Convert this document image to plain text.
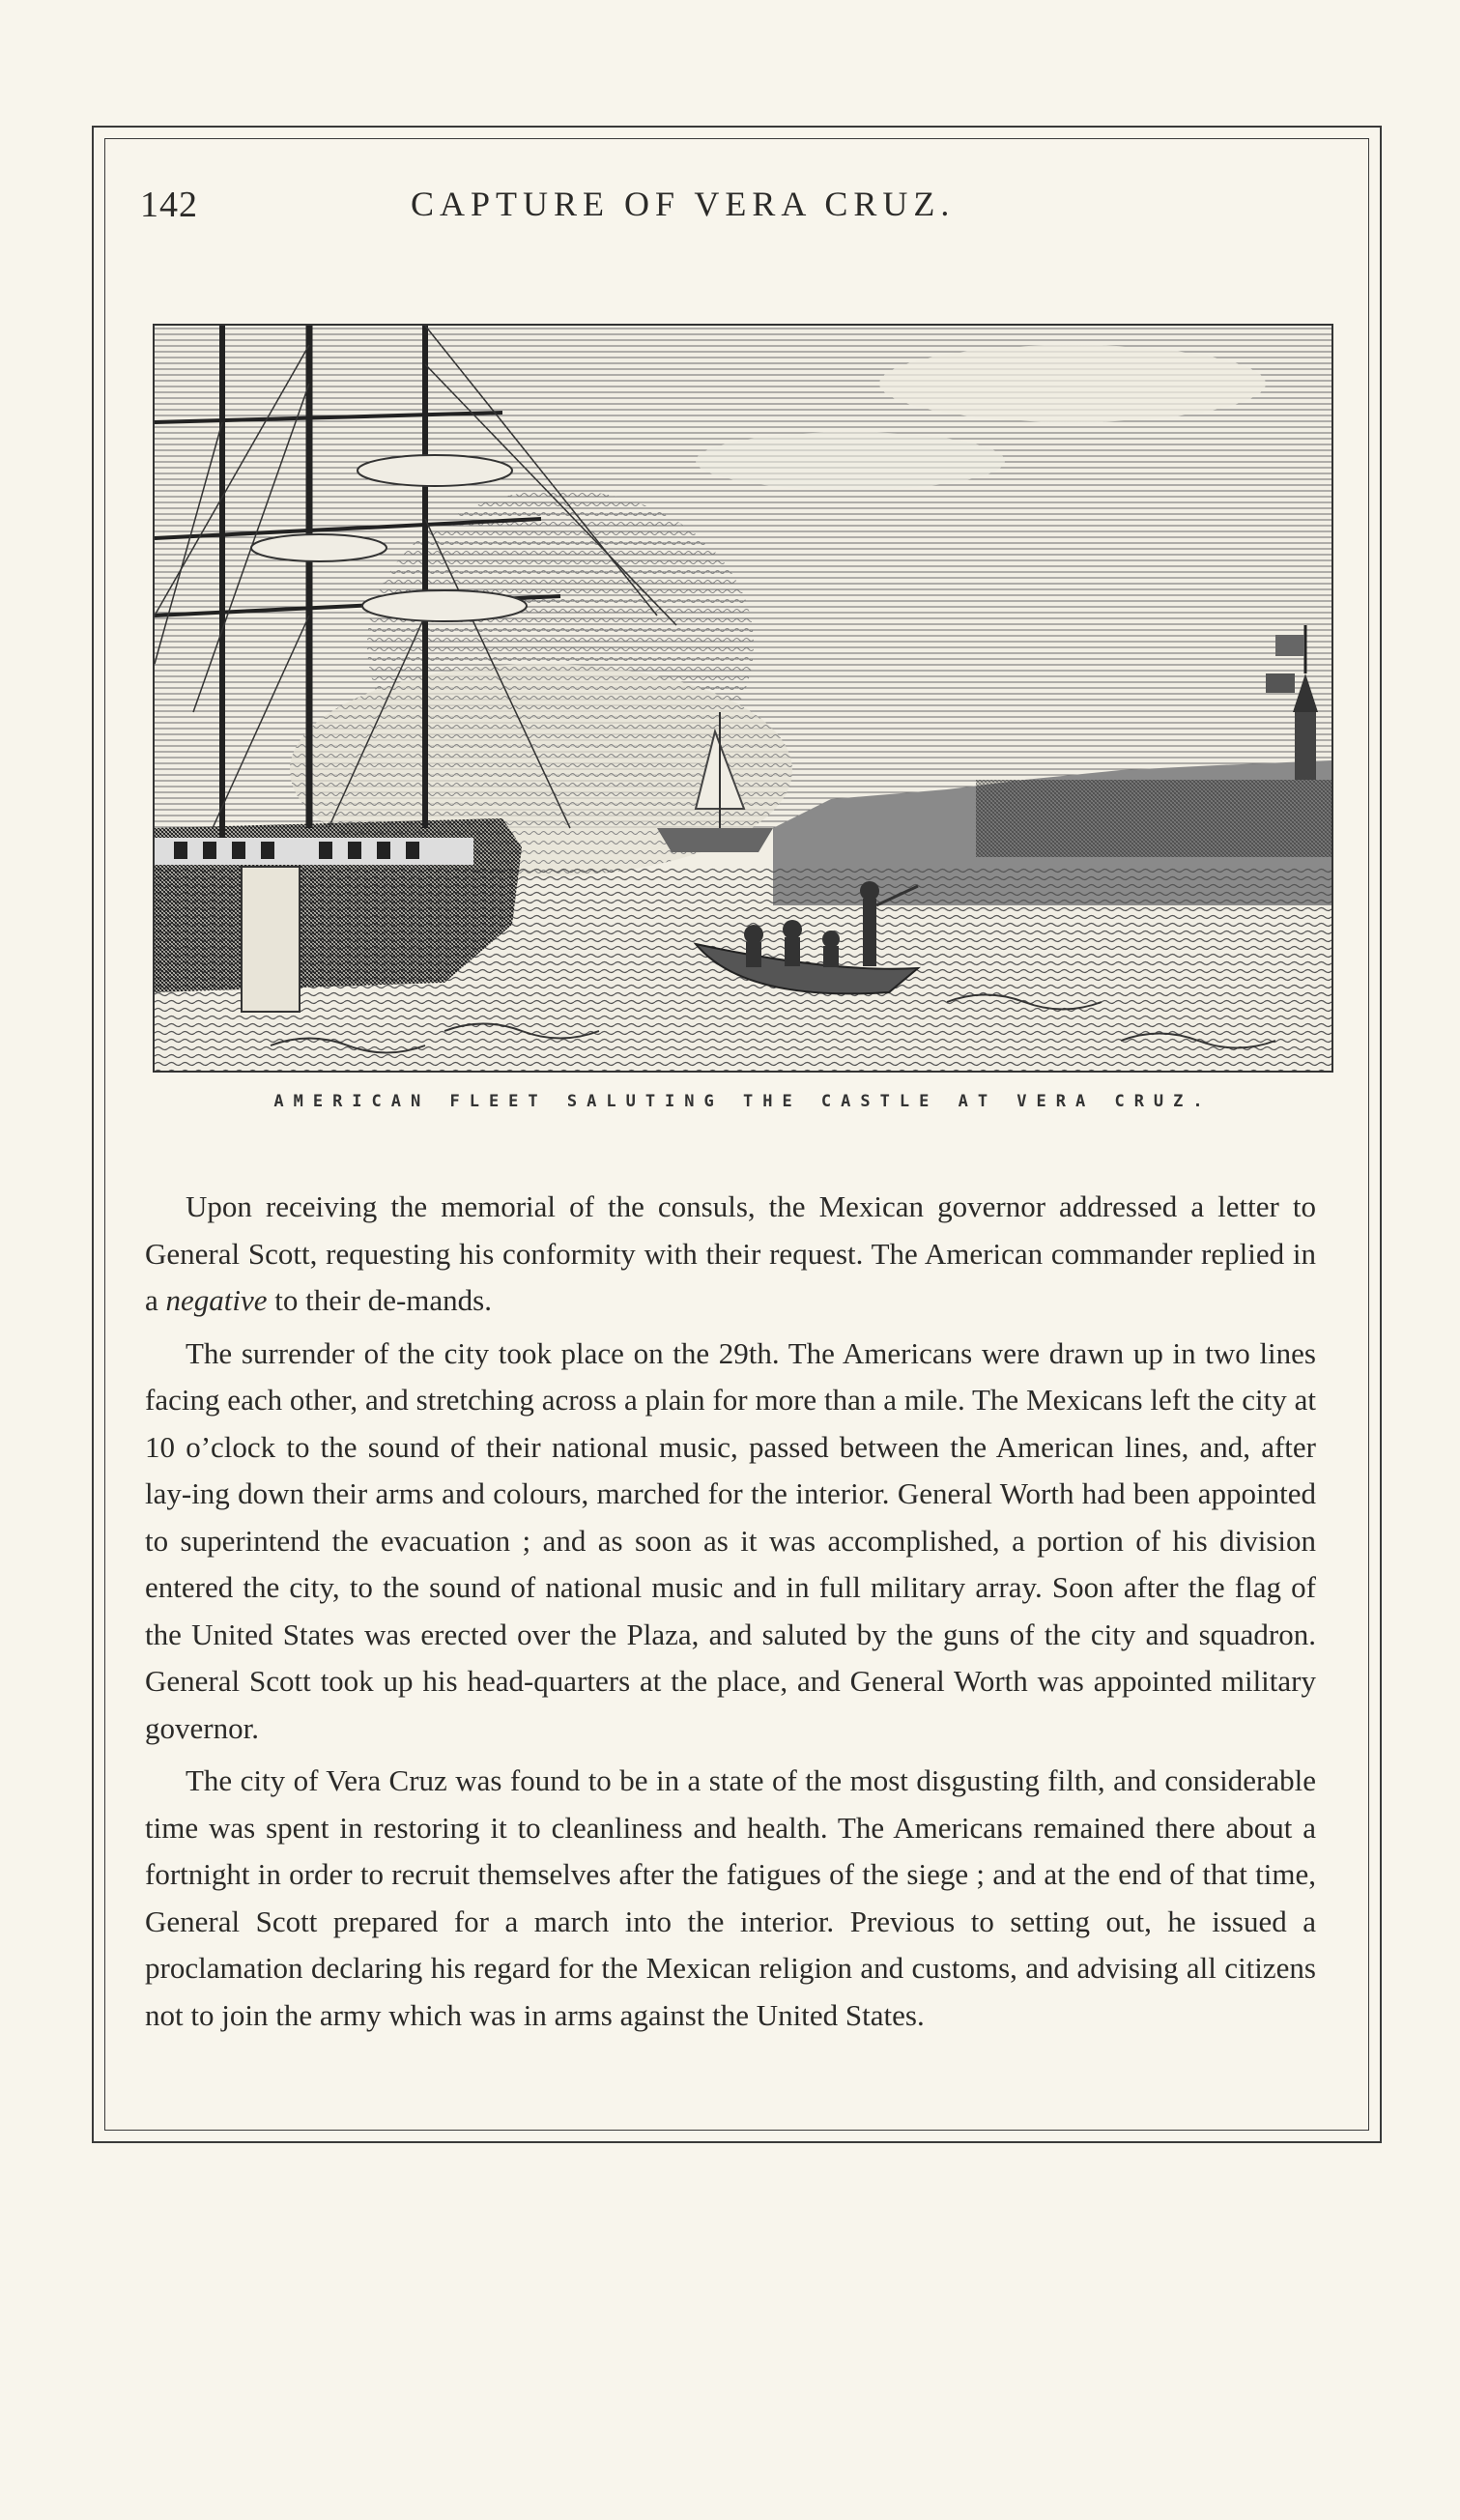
142	CAPTURE OF VERA CRUZ.
AMERICAN FLEET SALUTING THE CASTLE AT VERA CRUZ.

Upon receiving the memorial of the consuls, the Mexican governor addressed a letter to General Scott, requesting his conformity with their request. The American commander replied in a negative to their de-mands.

The surrender of the city took place on the 29th. The Americans were drawn up in two lines facing each other, and stretching across a plain for more than a mile. The Mexicans left the city at 10 o’clock to the sound of their national music, passed between the American lines, and, after lay-ing down their arms and colours, marched for the interior. General Worth had been appointed to superintend the evacuation ; and as soon as it was accomplished, a portion of his division entered the city, to the sound of national music and in full military array. Soon after the flag of the United States was erected over the Plaza, and saluted by the guns of the city and squadron. General Scott took up his head-quarters at the place, and General Worth was appointed military governor.

The city of Vera Cruz was found to be in a state of the most disgusting filth, and considerable time was spent in restoring it to cleanliness and health. The Americans remained there about a fortnight in order to recruit themselves after the fatigues of the siege ; and at the end of that time, General Scott prepared for a march into the interior. Previous to setting out, he issued a proclamation declaring his regard for the Mexican religion and customs, and advising all citizens not to join the army which was in arms against the United States.
